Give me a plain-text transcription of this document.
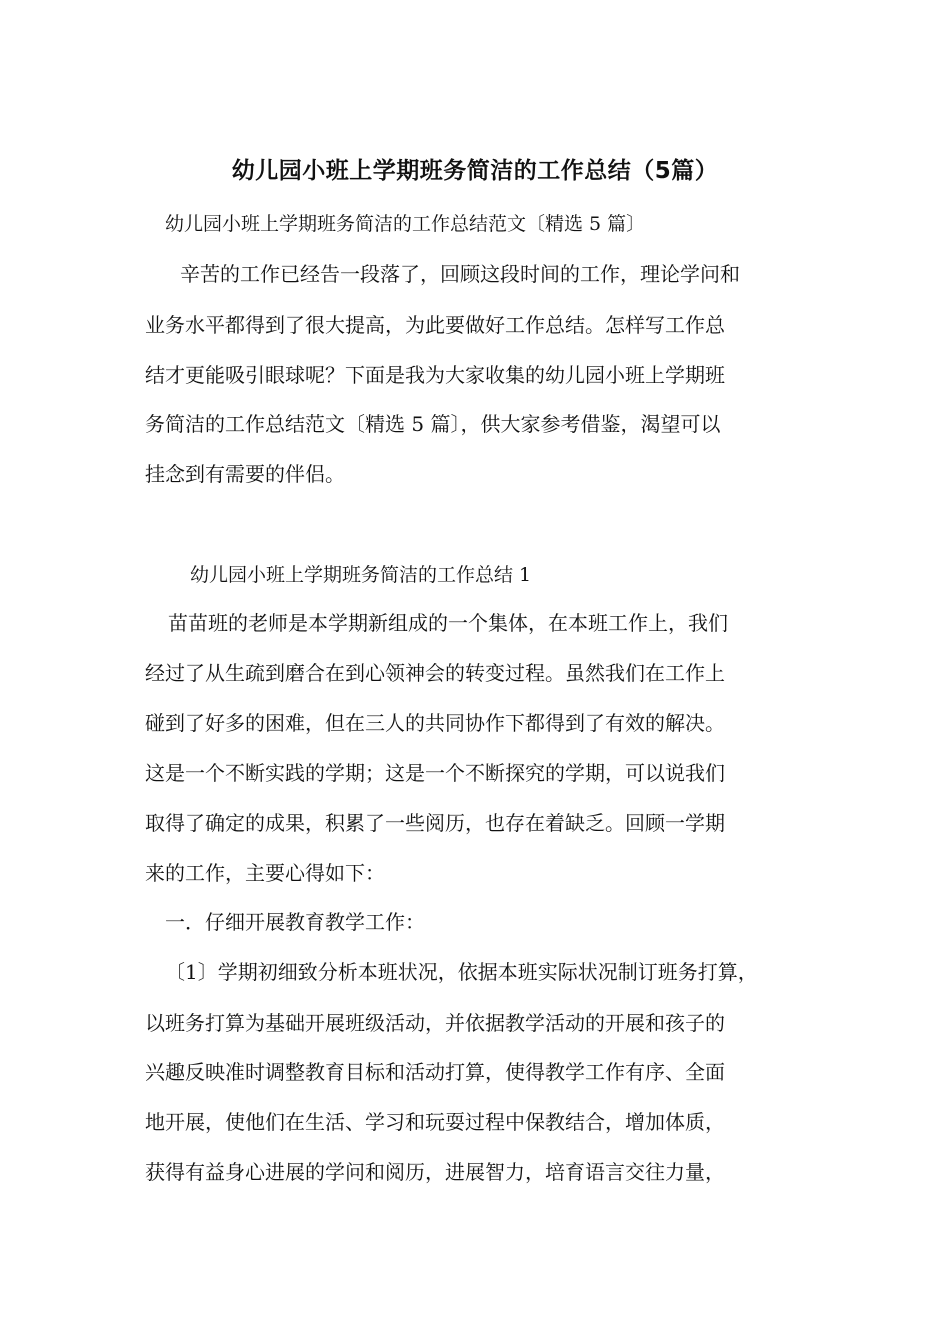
幼儿园小班上学期班务简洁的工作总结（5篇）
幼儿园小班上学期班务简洁的工作总结范文〔精选 5 篇〕
辛苦的工作已经告一段落了，回顾这段时间的工作，理论学问和
业务水平都得到了很大提高，为此要做好工作总结。怎样写工作总
结才更能吸引眼球呢？下面是我为大家收集的幼儿园小班上学期班
务简洁的工作总结范文〔精选 5 篇〕，供大家参考借鉴，渴望可以
挂念到有需要的伴侣。
幼儿园小班上学期班务简洁的工作总结 1
苗苗班的老师是本学期新组成的一个集体，在本班工作上，我们
经过了从生疏到磨合在到心领神会的转变过程。虽然我们在工作上
碰到了好多的困难，但在三人的共同协作下都得到了有效的解决。
这是一个不断实践的学期；这是一个不断探究的学期，可以说我们
取得了确定的成果，积累了一些阅历，也存在着缺乏。回顾一学期
来的工作，主要心得如下：
一．仔细开展教育教学工作：
〔1〕学期初细致分析本班状况，依据本班实际状况制订班务打算，
以班务打算为基础开展班级活动，并依据教学活动的开展和孩子的
兴趣反映准时调整教育目标和活动打算，使得教学工作有序、全面
地开展，使他们在生活、学习和玩耍过程中保教结合，增加体质，
获得有益身心进展的学问和阅历，进展智力，培育语言交往力量，
